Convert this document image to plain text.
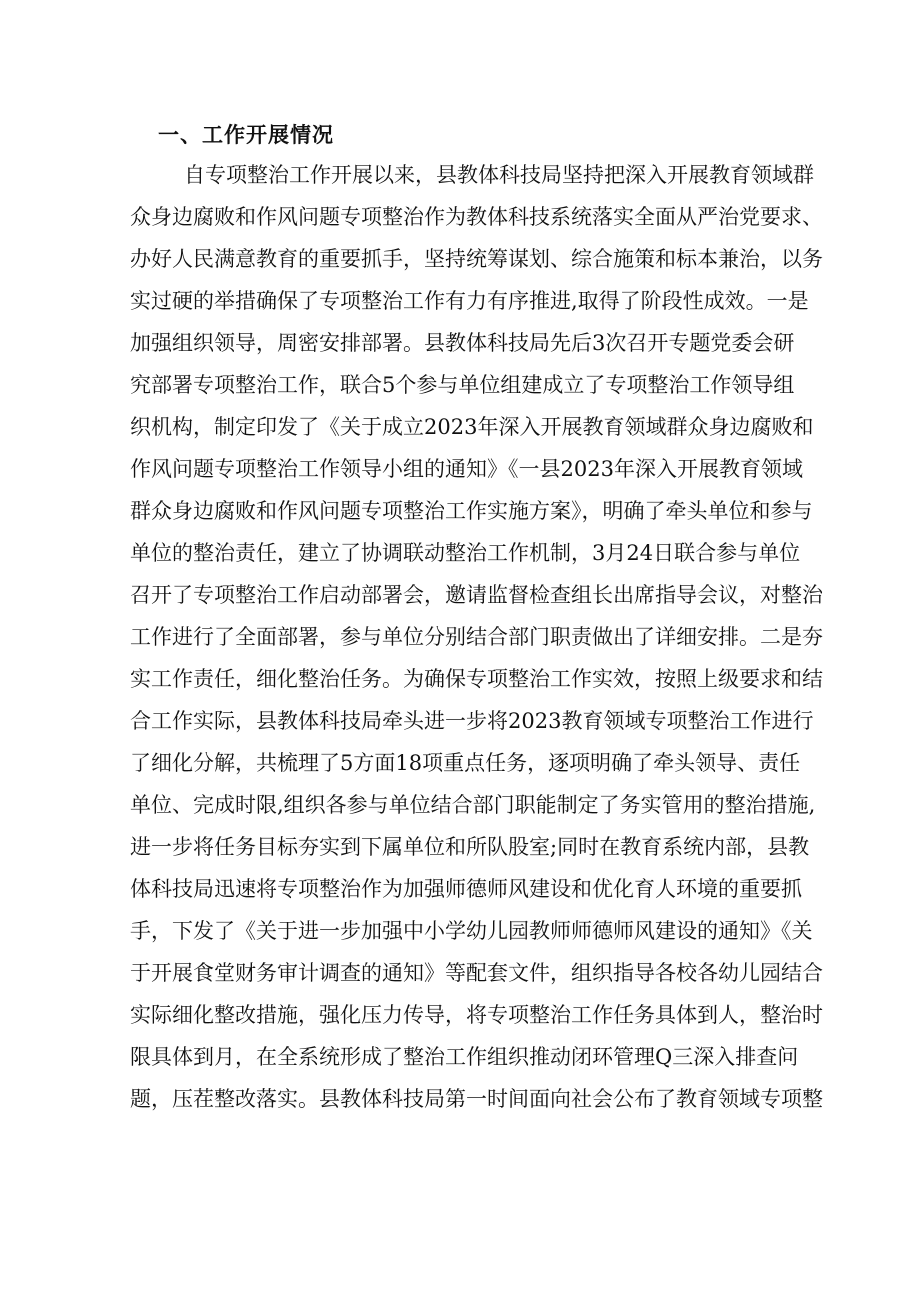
一、工作开展情况
自专项整治工作开展以来，县教体科技局坚持把深入开展教育领域群
众身边腐败和作风问题专项整治作为教体科技系统落实全面从严治党要求、
办好人民满意教育的重要抓手，坚持统筹谋划、综合施策和标本兼治，以务
实过硬的举措确保了专项整治工作有力有序推进,取得了阶段性成效。一是
加强组织领导，周密安排部署。县教体科技局先后3次召开专题党委会研
究部署专项整治工作，联合5个参与单位组建成立了专项整治工作领导组
织机构，制定印发了《关于成立2023年深入开展教育领域群众身边腐败和
作风问题专项整治工作领导小组的通知》《一县2023年深入开展教育领域
群众身边腐败和作风问题专项整治工作实施方案》，明确了牵头单位和参与
单位的整治责任，建立了协调联动整治工作机制，3月24日联合参与单位
召开了专项整治工作启动部署会，邀请监督检查组长出席指导会议，对整治
工作进行了全面部署，参与单位分别结合部门职责做出了详细安排。二是夯
实工作责任，细化整治任务。为确保专项整治工作实效，按照上级要求和结
合工作实际，县教体科技局牵头进一步将2023教育领域专项整治工作进行
了细化分解，共梳理了5方面18项重点任务，逐项明确了牵头领导、责任
单位、完成时限,组织各参与单位结合部门职能制定了务实管用的整治措施,
进一步将任务目标夯实到下属单位和所队股室;同时在教育系统内部，县教
体科技局迅速将专项整治作为加强师德师风建设和优化育人环境的重要抓
手，下发了《关于进一步加强中小学幼儿园教师师德师风建设的通知》《关
于开展食堂财务审计调查的通知》等配套文件，组织指导各校各幼儿园结合
实际细化整改措施，强化压力传导，将专项整治工作任务具体到人，整治时
限具体到月，在全系统形成了整治工作组织推动闭环管理Q三深入排查问
题，压茬整改落实。县教体科技局第一时间面向社会公布了教育领域专项整
